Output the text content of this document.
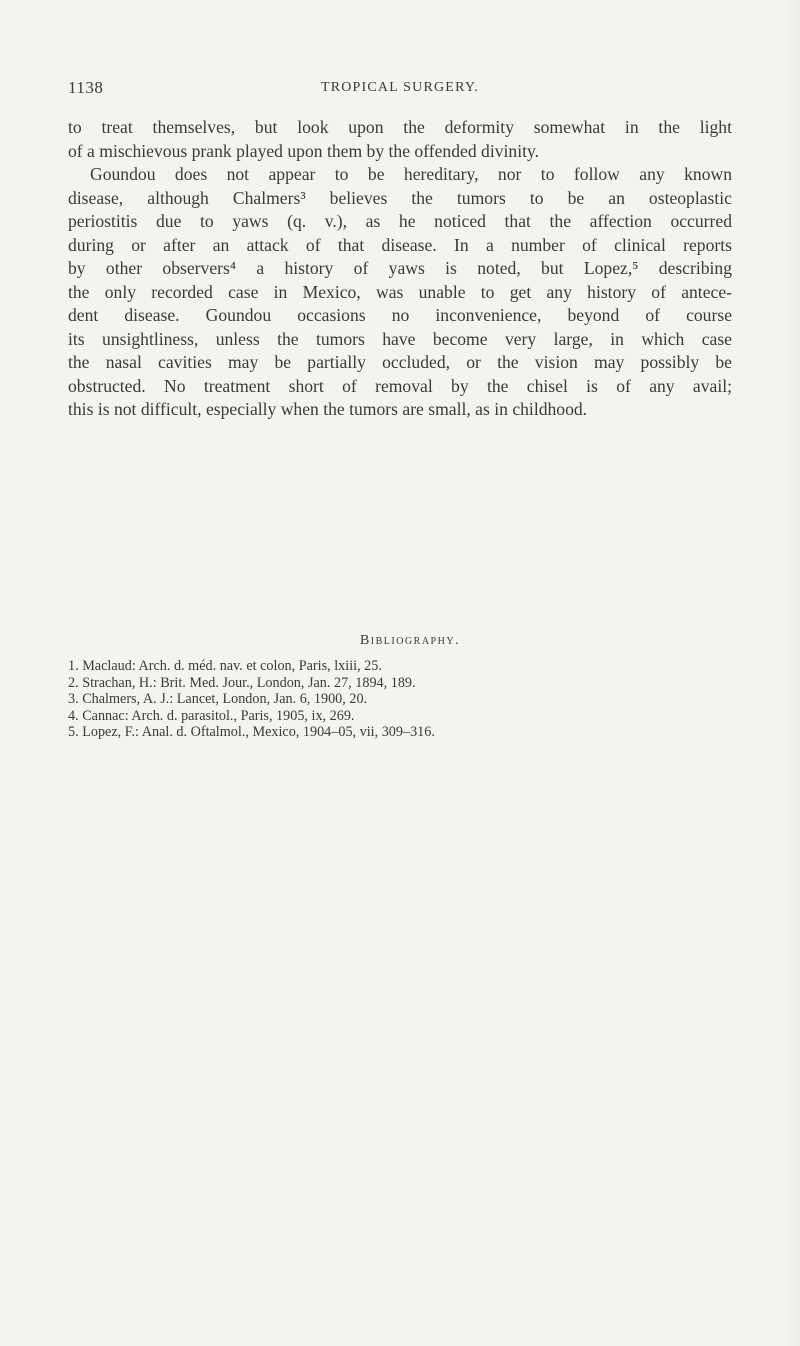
1138	TROPICAL SURGERY.
to treat themselves, but look upon the deformity somewhat in the light
of a mischievous prank played upon them by the offended divinity.
Goundou does not appear to be hereditary, nor to follow any known
disease, although Chalmers³ believes the tumors to be an osteoplastic
periostitis due to yaws (q. v.), as he noticed that the affection occurred
during or after an attack of that disease. In a number of clinical reports
by other observers⁴ a history of yaws is noted, but Lopez,⁵ describing
the only recorded case in Mexico, was unable to get any history of antece-
dent disease. Goundou occasions no inconvenience, beyond of course
its unsightliness, unless the tumors have become very large, in which case
the nasal cavities may be partially occluded, or the vision may possibly be
obstructed. No treatment short of removal by the chisel is of any avail;
this is not difficult, especially when the tumors are small, as in childhood.
Bibliography.
1. Maclaud: Arch. d. méd. nav. et colon, Paris, lxiii, 25.
2. Strachan, H.: Brit. Med. Jour., London, Jan. 27, 1894, 189.
3. Chalmers, A. J.: Lancet, London, Jan. 6, 1900, 20.
4. Cannac: Arch. d. parasitol., Paris, 1905, ix, 269.
5. Lopez, F.: Anal. d. Oftalmol., Mexico, 1904–05, vii, 309–316.
